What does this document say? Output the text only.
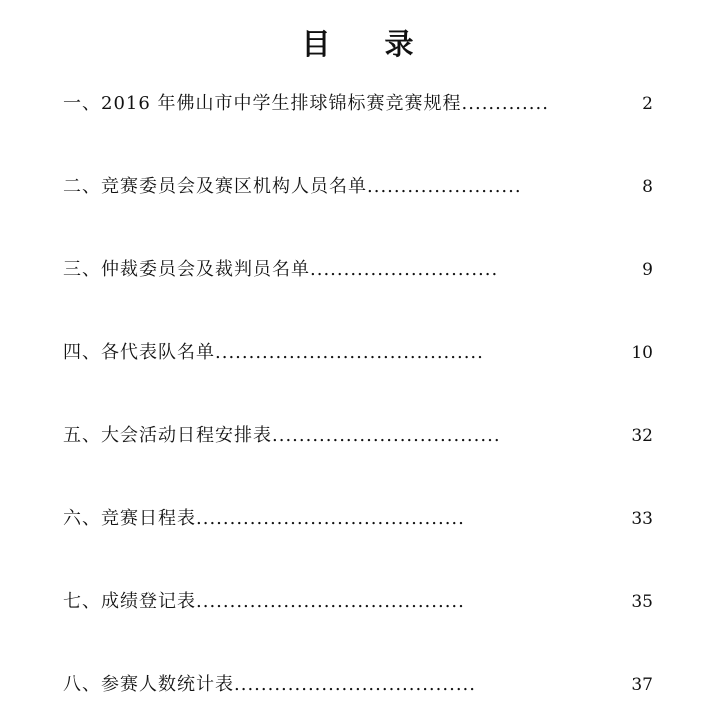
目 录
一、2016 年佛山市中学生排球锦标赛竞赛规程.............	2
二、竞赛委员会及赛区机构人员名单.......................	8
三、仲裁委员会及裁判员名单............................	9
四、各代表队名单........................................	10
五、大会活动日程安排表..................................	32
六、竞赛日程表........................................	33
七、成绩登记表........................................	35
八、参赛人数统计表....................................	37
